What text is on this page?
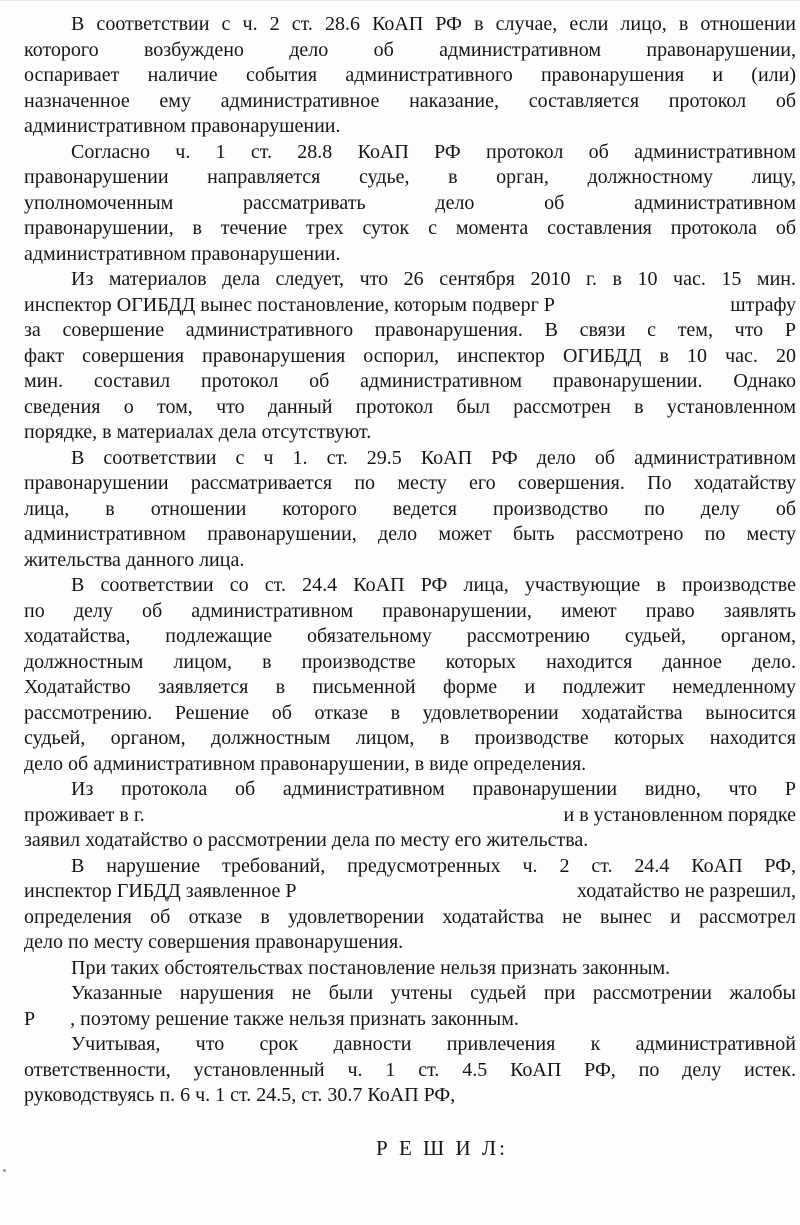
В соответствии с ч. 2 ст. 28.6 КоАП РФ в случае, если лицо, в отношении
которого возбуждено дело об административном правонарушении,
оспаривает наличие события административного правонарушения и (или)
назначенное ему административное наказание, составляется протокол об
административном правонарушении.

Согласно ч. 1 ст. 28.8 КоАП РФ протокол об административном
правонарушении направляется судье, в орган, должностному лицу,
уполномоченным рассматривать дело об административном
правонарушении, в течение трех суток с момента составления протокола об
административном правонарушении.

Из материалов дела следует, что 26 сентября 2010 г. в 10 час. 15 мин.
инспектор ОГИБДД вынес постановление, которым подверг Р	штрафу
за совершение административного правонарушения. В связи с тем, что Р
факт совершения правонарушения оспорил, инспектор ОГИБДД в 10 час. 20
мин. составил протокол об административном правонарушении. Однако
сведения о том, что данный протокол был рассмотрен в установленном
порядке, в материалах дела отсутствуют.

В соответствии с ч 1. ст. 29.5 КоАП РФ дело об административном
правонарушении рассматривается по месту его совершения. По ходатайству
лица, в отношении которого ведется производство по делу об
административном правонарушении, дело может быть рассмотрено по месту
жительства данного лица.

В соответствии со ст. 24.4 КоАП РФ лица, участвующие в производстве
по делу об административном правонарушении, имеют право заявлять
ходатайства, подлежащие обязательному рассмотрению судьей, органом,
должностным лицом, в производстве которых находится данное дело.
Ходатайство заявляется в письменной форме и подлежит немедленному
рассмотрению. Решение об отказе в удовлетворении ходатайства выносится
судьей, органом, должностным лицом, в производстве которых находится
дело об административном правонарушении, в виде определения.

Из протокола об административном правонарушении видно, что Р
проживает в г.	и в установленном порядке
заявил ходатайство о рассмотрении дела по месту его жительства.

В нарушение требований, предусмотренных ч. 2 ст. 24.4 КоАП РФ,
инспектор ГИБДД заявленное Р	ходатайство не разрешил,
определения об отказе в удовлетворении ходатайства не вынес и рассмотрел
дело по месту совершения правонарушения.

При таких обстоятельствах постановление нельзя признать законным.

Указанные нарушения не были учтены судьей при рассмотрении жалобы
Р , поэтому решение также нельзя признать законным.

Учитывая, что срок давности привлечения к административной
ответственности, установленный ч. 1 ст. 4.5 КоАП РФ, по делу истек.
руководствуясь п. 6 ч. 1 ст. 24.5, ст. 30.7 КоАП РФ,

Р Е Ш И Л:
